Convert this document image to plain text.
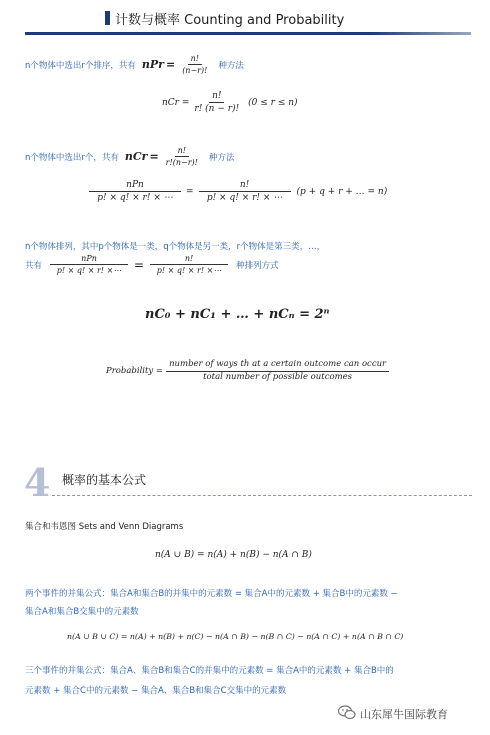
计数与概率 Counting and Probability
n个物体中选出r个排序，共有 nPr = $\frac{n!}{(n-r)!}$ 种方法
nCr = $\frac{n!}{r! (n - r)!} (0 \le r \le n)$
n个物体中选出r个，共有 nCr = $\frac{n!}{r!(n-r)!}$ 种方法
$\frac{\text{nPn}}{p! \times q! \times r! \times \cdots} = \frac{n!}{p! \times q! \times r! \times \cdots} (p + q + r$ + … = n)
n个物体排列，其中p个物体是一类，q个物体是另一类，r个物体是第三类，…，
共有 $\frac{\text{nPn}}{p! \times q! \times r! \times\cdots} = \frac{n!}{p! \times q! \times r! \times\cdots}$ 种排列方式
nC₀ + nC₁ + … + nCₙ = 2ⁿ
Probability = $\frac{\text{number of ways th at a certain outcome can occur}}{\text{total number of possible outcomes}}$
4 概率的基本公式
集合和韦恩图 Sets and Venn Diagrams
n(A ∪ B) = n(A) + n(B) − n(A ∩ B)
两个事件的并集公式：集合A和集合B的并集中的元素数 = 集合A中的元素数 + 集合B中的元素数 −
集合A和集合B交集中的元素数
n(A ∪ B ∪ C) = n(A) + n(B) + n(C) − n(A ∩ B) − n(B ∩ C) − n(A ∩ C) + n(A ∩ B ∩ C)
三个事件的并集公式：集合A、集合B和集合C的并集中的元素数 = 集合A中的元素数 + 集合B中的
元素数 + 集合C中的元素数 − 集合A、集合B和集合C交集中的元素数
山东犀牛国际教育
